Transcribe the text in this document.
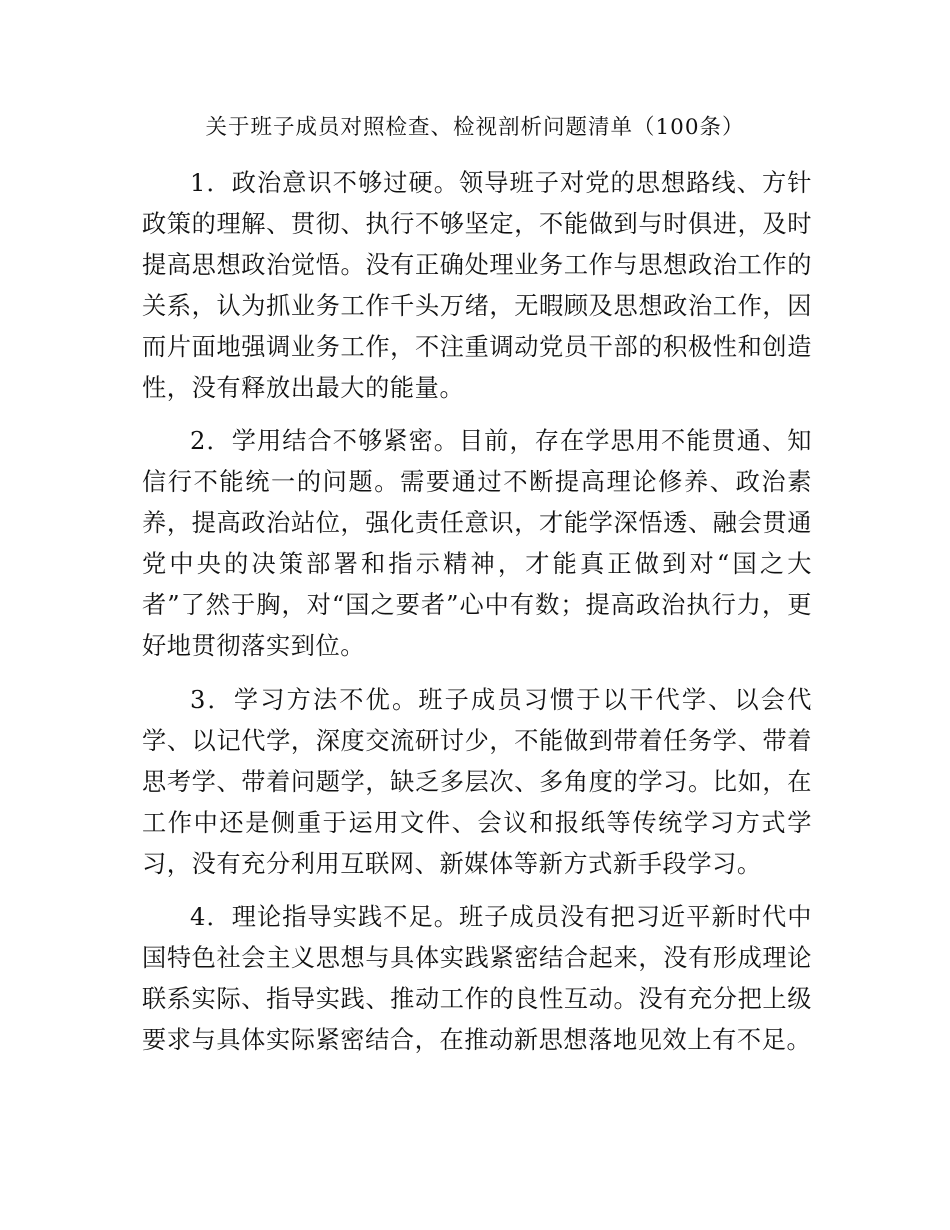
关于班子成员对照检查、检视剖析问题清单（100条）

1．政治意识不够过硬。领导班子对党的思想路线、方针政策的理解、贯彻、执行不够坚定，不能做到与时俱进，及时提高思想政治觉悟。没有正确处理业务工作与思想政治工作的关系，认为抓业务工作千头万绪，无暇顾及思想政治工作，因而片面地强调业务工作，不注重调动党员干部的积极性和创造性，没有释放出最大的能量。

2．学用结合不够紧密。目前，存在学思用不能贯通、知信行不能统一的问题。需要通过不断提高理论修养、政治素养，提高政治站位，强化责任意识，才能学深悟透、融会贯通党中央的决策部署和指示精神，才能真正做到对“国之大者”了然于胸，对“国之要者”心中有数；提高政治执行力，更好地贯彻落实到位。

3．学习方法不优。班子成员习惯于以干代学、以会代学、以记代学，深度交流研讨少，不能做到带着任务学、带着思考学、带着问题学，缺乏多层次、多角度的学习。比如，在工作中还是侧重于运用文件、会议和报纸等传统学习方式学习，没有充分利用互联网、新媒体等新方式新手段学习。

4．理论指导实践不足。班子成员没有把习近平新时代中国特色社会主义思想与具体实践紧密结合起来，没有形成理论联系实际、指导实践、推动工作的良性互动。没有充分把上级要求与具体实际紧密结合，在推动新思想落地见效上有不足。
